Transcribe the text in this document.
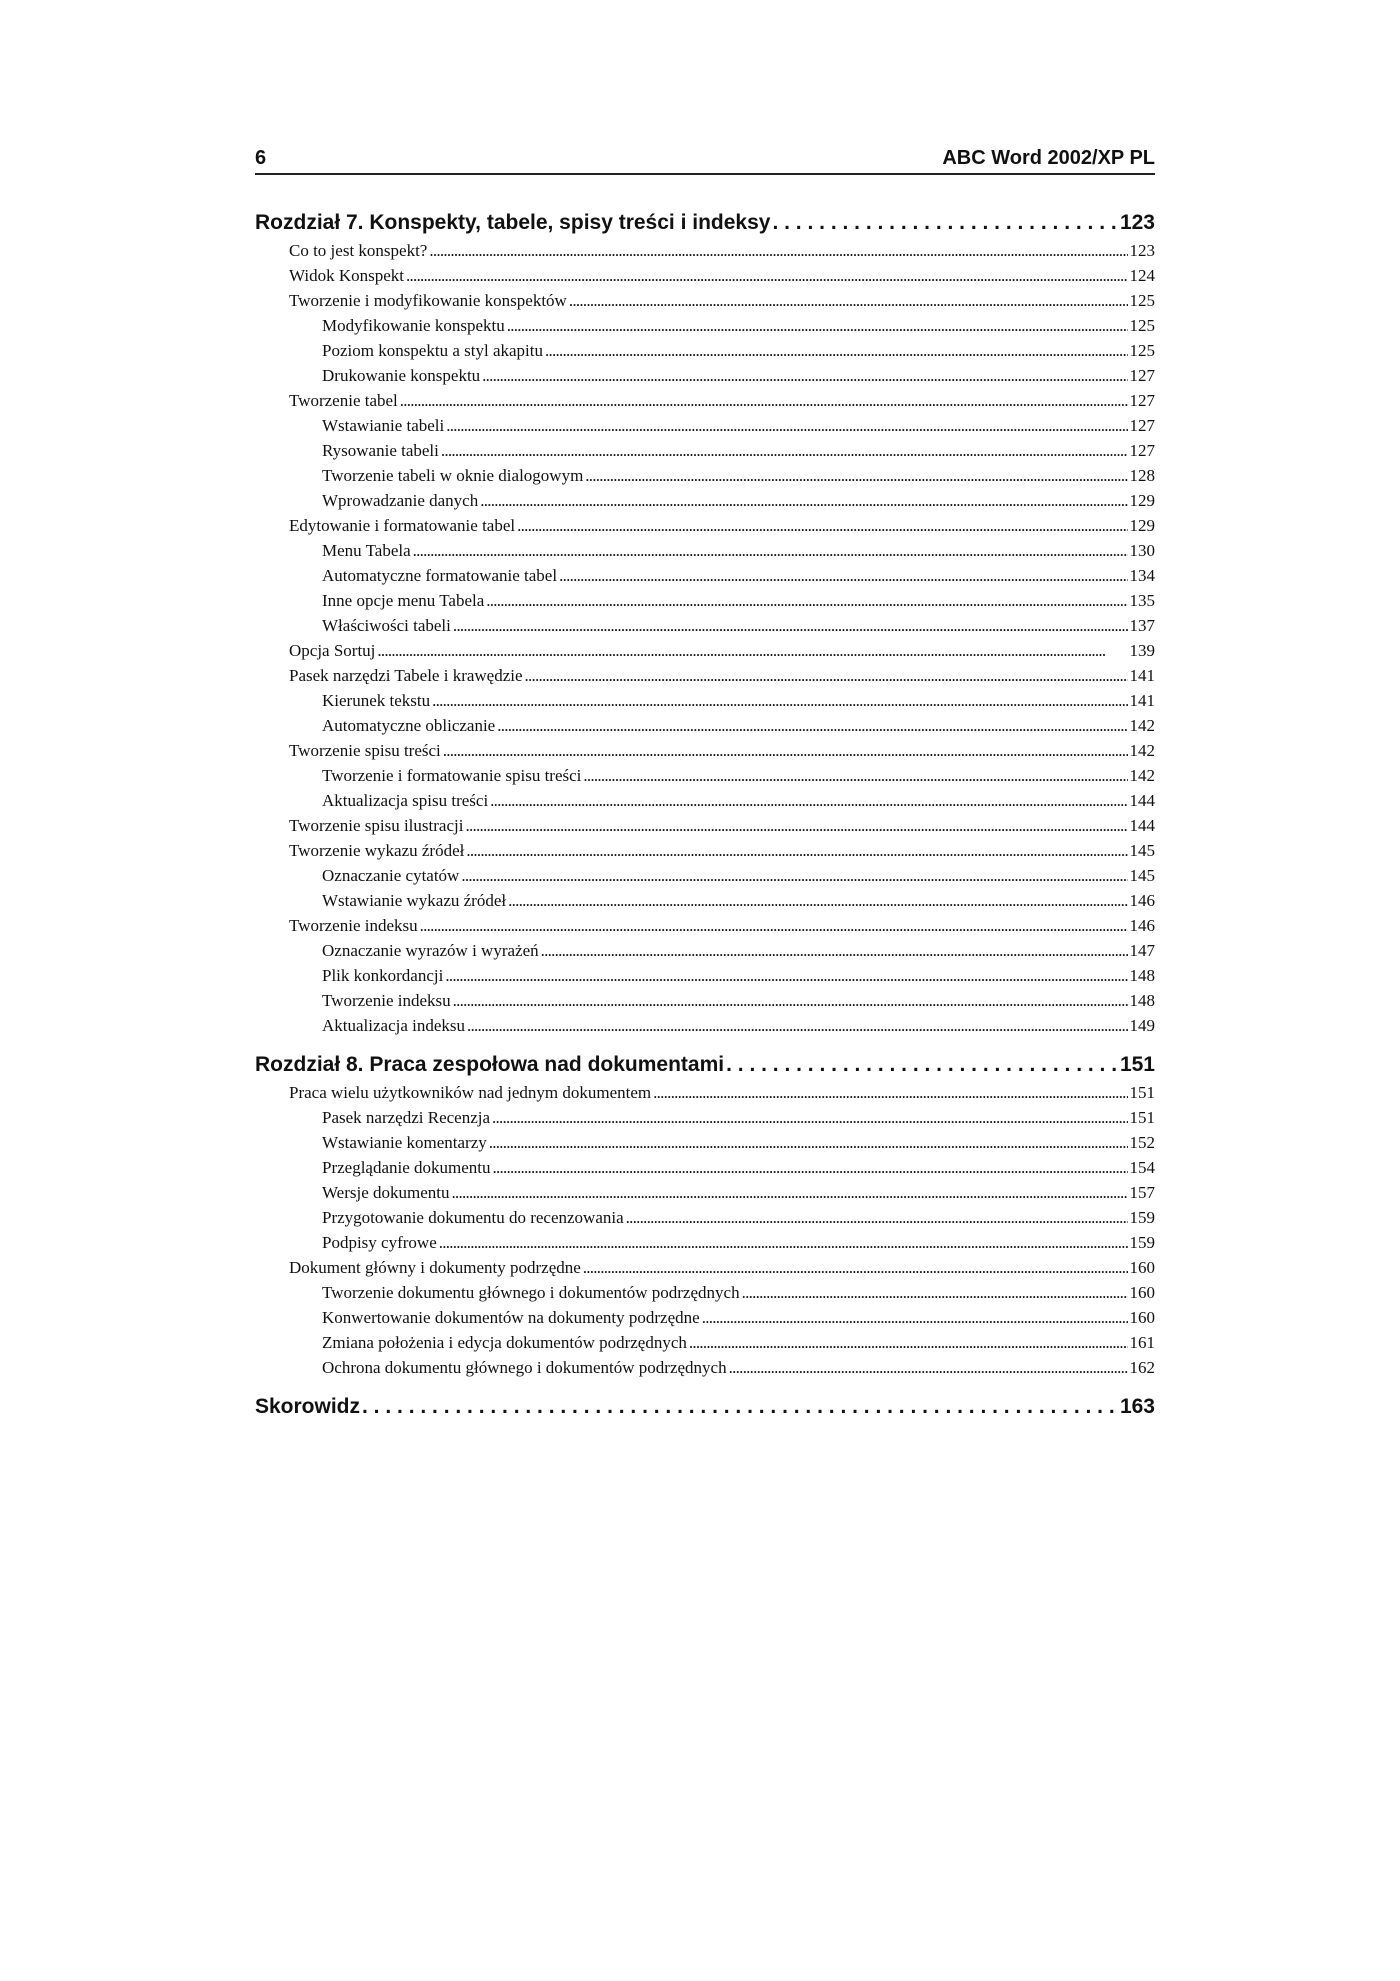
6	ABC Word 2002/XP PL
Rozdział 7. Konspekty, tabele, spisy treści i indeksy . . .	123
Co to jest konspekt? . . .	123
Widok Konspekt . . .	124
Tworzenie i modyfikowanie konspektów . . .	125
Modyfikowanie konspektu . . .	125
Poziom konspektu a styl akapitu . . .	125
Drukowanie konspektu . . .	127
Tworzenie tabel . . .	127
Wstawianie tabeli . . .	127
Rysowanie tabeli . . .	127
Tworzenie tabeli w oknie dialogowym . . .	128
Wprowadzanie danych . . .	129
Edytowanie i formatowanie tabel . . .	129
Menu Tabela . . .	130
Automatyczne formatowanie tabel . . .	134
Inne opcje menu Tabela . . .	135
Właściwości tabeli . . .	137
Opcja Sortuj . . .	139
Pasek narzędzi Tabele i krawędzie . . .	141
Kierunek tekstu . . .	141
Automatyczne obliczanie . . .	142
Tworzenie spisu treści . . .	142
Tworzenie i formatowanie spisu treści . . .	142
Aktualizacja spisu treści . . .	144
Tworzenie spisu ilustracji . . .	144
Tworzenie wykazu źródeł . . .	145
Oznaczanie cytatów . . .	145
Wstawianie wykazu źródeł . . .	146
Tworzenie indeksu . . .	146
Oznaczanie wyrazów i wyrażeń . . .	147
Plik konkordancji . . .	148
Tworzenie indeksu . . .	148
Aktualizacja indeksu . . .	149
Rozdział 8. Praca zespołowa nad dokumentami . . .	151
Praca wielu użytkowników nad jednym dokumentem . . .	151
Pasek narzędzi Recenzja . . .	151
Wstawianie komentarzy . . .	152
Przeglądanie dokumentu . . .	154
Wersje dokumentu . . .	157
Przygotowanie dokumentu do recenzowania . . .	159
Podpisy cyfrowe . . .	159
Dokument główny i dokumenty podrzędne . . .	160
Tworzenie dokumentu głównego i dokumentów podrzędnych . . .	160
Konwertowanie dokumentów na dokumenty podrzędne . . .	160
Zmiana położenia i edycja dokumentów podrzędnych . . .	161
Ochrona dokumentu głównego i dokumentów podrzędnych . . .	162
Skorowidz . . .	163
